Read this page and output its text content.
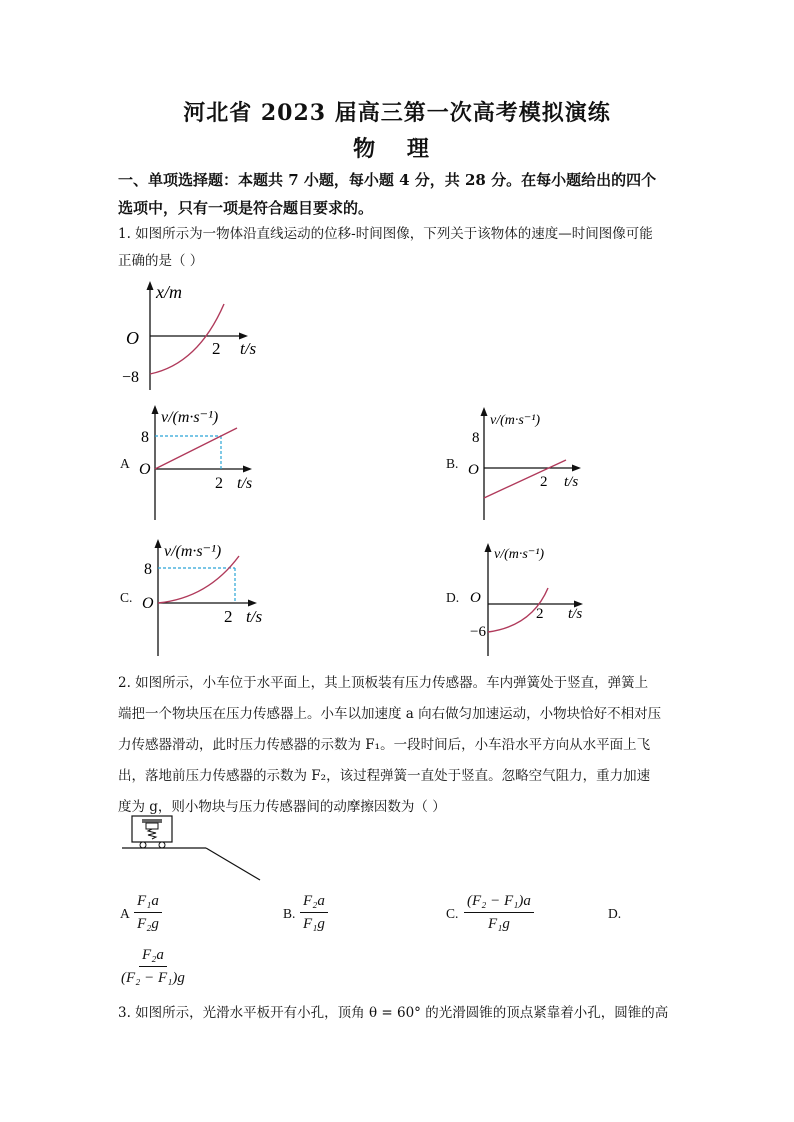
河北省 2023 届高三第一次高考模拟演练
物 理
一、单项选择题：本题共 7 小题，每小题 4 分，共 28 分。在每小题给出的四个
选项中，只有一项是符合题目要求的。
1. 如图所示为一物体沿直线运动的位移-时间图像，下列关于该物体的速度—时间图像可能
正确的是（ ）
x/m
O
−8
2 t/s
A
v/(m·s⁻¹)
8
O
2 t/s
B.
v/(m·s⁻¹)
8
O
2 t/s
C.
v/(m·s⁻¹)
8
O
2 t/s
D.
v/(m·s⁻¹)
O
−6
2 t/s
2. 如图所示，小车位于水平面上，其上顶板装有压力传感器。车内弹簧处于竖直，弹簧上
端把一个物块压在压力传感器上。小车以加速度 a 向右做匀加速运动，小物块恰好不相对压
力传感器滑动，此时压力传感器的示数为 F₁。一段时间后，小车沿水平方向从水平面上飞
出，落地前压力传感器的示数为 F₂，该过程弹簧一直处于竖直。忽略空气阻力，重力加速
度为 g，则小物块与压力传感器间的动摩擦因数为（ ）
A $\frac{\text{F₁a}}{\text{F₂g}}$	B. $\frac{\text{F₂a}}{\text{F₁g}}$	C. $\frac{\text{(F₂ − F₁)a}}{\text{F₁g}}$	D.
$\frac{\text{F₂a}}{\text{(F₂ − F₁)g}}$
3. 如图所示，光滑水平板开有小孔，顶角 θ = 60° 的光滑圆锥的顶点紧靠着小孔，圆锥的高
